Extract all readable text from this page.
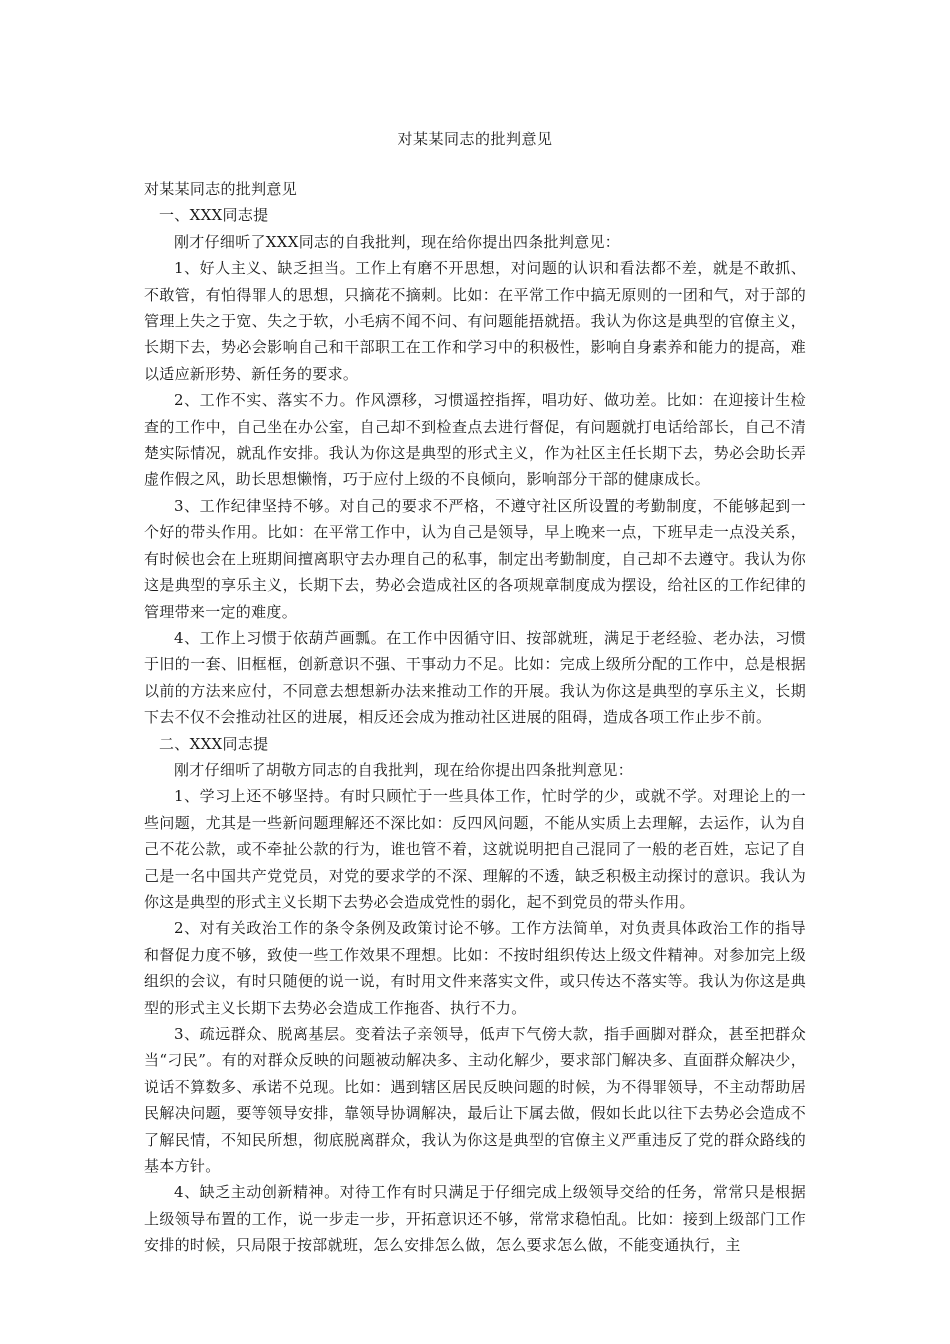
对某某同志的批判意见

对某某同志的批判意见

一、XXX同志提

刚才仔细听了XXX同志的自我批判，现在给你提出四条批判意见：

1、好人主义、缺乏担当。工作上有磨不开思想，对问题的认识和看法都不差，就是不敢抓、不敢管，有怕得罪人的思想，只摘花不摘刺。比如：在平常工作中搞无原则的一团和气，对于部的管理上失之于宽、失之于软，小毛病不闻不问、有问题能捂就捂。我认为你这是典型的官僚主义，长期下去，势必会影响自己和干部职工在工作和学习中的积极性，影响自身素养和能力的提高，难以适应新形势、新任务的要求。

2、工作不实、落实不力。作风漂移，习惯遥控指挥，唱功好、做功差。比如：在迎接计生检查的工作中，自己坐在办公室，自己却不到检查点去进行督促，有问题就打电话给部长，自己不清楚实际情况，就乱作安排。我认为你这是典型的形式主义，作为社区主任长期下去，势必会助长弄虚作假之风，助长思想懒惰，巧于应付上级的不良倾向，影响部分干部的健康成长。

3、工作纪律坚持不够。对自己的要求不严格，不遵守社区所设置的考勤制度，不能够起到一个好的带头作用。比如：在平常工作中，认为自己是领导，早上晚来一点，下班早走一点没关系，有时候也会在上班期间擅离职守去办理自己的私事，制定出考勤制度，自己却不去遵守。我认为你这是典型的享乐主义，长期下去，势必会造成社区的各项规章制度成为摆设，给社区的工作纪律的管理带来一定的难度。

4、工作上习惯于依葫芦画瓢。在工作中因循守旧、按部就班，满足于老经验、老办法，习惯于旧的一套、旧框框，创新意识不强、干事动力不足。比如：完成上级所分配的工作中，总是根据以前的方法来应付，不同意去想想新办法来推动工作的开展。我认为你这是典型的享乐主义，长期下去不仅不会推动社区的进展，相反还会成为推动社区进展的阻碍，造成各项工作止步不前。

二、XXX同志提

刚才仔细听了胡敬方同志的自我批判，现在给你提出四条批判意见：

1、学习上还不够坚持。有时只顾忙于一些具体工作，忙时学的少，或就不学。对理论上的一些问题，尤其是一些新问题理解还不深比如：反四风问题，不能从实质上去理解，去运作，认为自己不花公款，或不牵扯公款的行为，谁也管不着，这就说明把自己混同了一般的老百姓，忘记了自己是一名中国共产党党员，对党的要求学的不深、理解的不透，缺乏积极主动探讨的意识。我认为你这是典型的形式主义长期下去势必会造成党性的弱化，起不到党员的带头作用。

2、对有关政治工作的条令条例及政策讨论不够。工作方法简单，对负责具体政治工作的指导和督促力度不够，致使一些工作效果不理想。比如：不按时组织传达上级文件精神。对参加完上级组织的会议，有时只随便的说一说，有时用文件来落实文件，或只传达不落实等。我认为你这是典型的形式主义长期下去势必会造成工作拖沓、执行不力。

3、疏远群众、脱离基层。变着法子亲领导，低声下气傍大款，指手画脚对群众，甚至把群众当“刁民”。有的对群众反映的问题被动解决多、主动化解少，要求部门解决多、直面群众解决少，说话不算数多、承诺不兑现。比如：遇到辖区居民反映问题的时候，为不得罪领导，不主动帮助居民解决问题，要等领导安排，靠领导协调解决，最后让下属去做，假如长此以往下去势必会造成不了解民情，不知民所想，彻底脱离群众，我认为你这是典型的官僚主义严重违反了党的群众路线的基本方针。

4、缺乏主动创新精神。对待工作有时只满足于仔细完成上级领导交给的任务，常常只是根据上级领导布置的工作，说一步走一步，开拓意识还不够，常常求稳怕乱。比如：接到上级部门工作安排的时候，只局限于按部就班，怎么安排怎么做，怎么要求怎么做，不能变通执行，主
